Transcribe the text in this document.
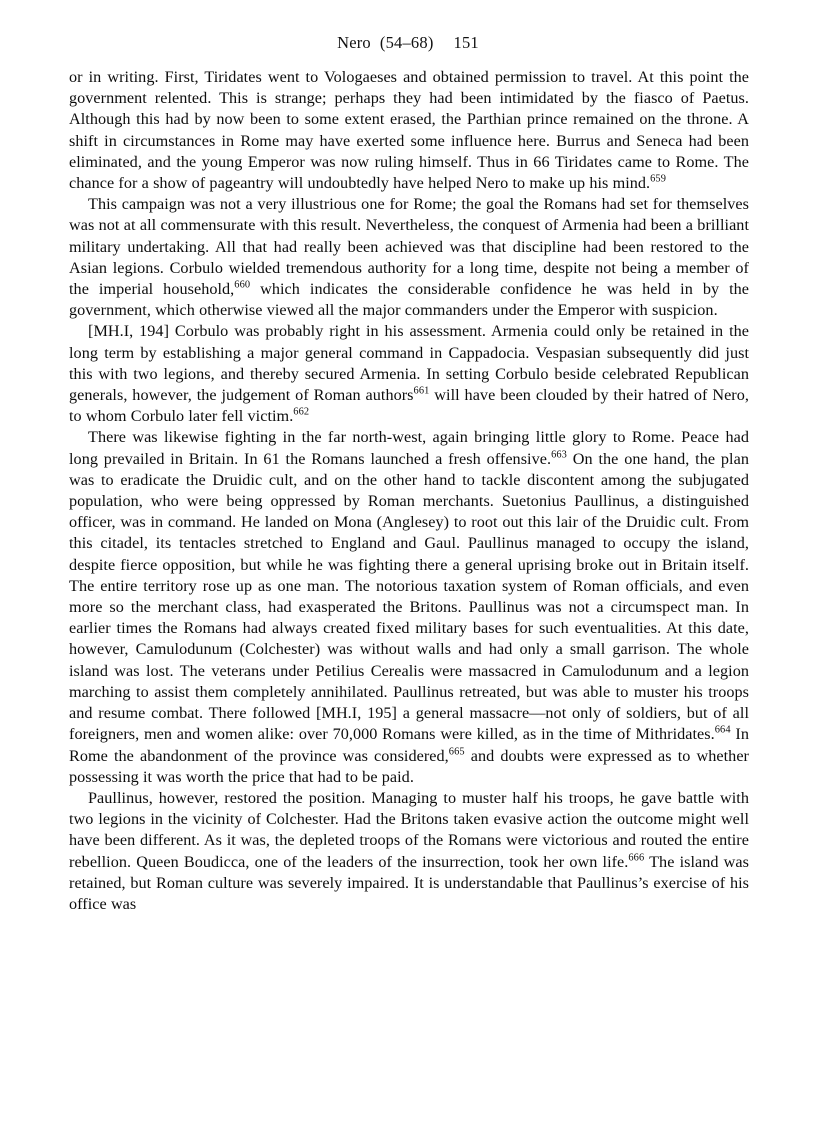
Nero (54–68) 151

or in writing. First, Tiridates went to Vologaeses and obtained permission to travel. At this point the government relented. This is strange; perhaps they had been intimidated by the fiasco of Paetus. Although this had by now been to some extent erased, the Parthian prince remained on the throne. A shift in circumstances in Rome may have exerted some influence here. Burrus and Seneca had been eliminated, and the young Emperor was now ruling himself. Thus in 66 Tiridates came to Rome. The chance for a show of pageantry will undoubtedly have helped Nero to make up his mind.$^{659}$

This campaign was not a very illustrious one for Rome; the goal the Romans had set for themselves was not at all commensurate with this result. Nevertheless, the conquest of Armenia had been a brilliant military undertaking. All that had really been achieved was that discipline had been restored to the Asian legions. Corbulo wielded tremendous authority for a long time, despite not being a member of the imperial household,$^{660}$ which indicates the considerable confidence he was held in by the government, which otherwise viewed all the major commanders under the Emperor with suspicion.

[MH.I, 194] Corbulo was probably right in his assessment. Armenia could only be retained in the long term by establishing a major general command in Cappadocia. Vespasian subsequently did just this with two legions, and thereby secured Armenia. In setting Corbulo beside celebrated Republican generals, however, the judgement of Roman authors$^{661}$ will have been clouded by their hatred of Nero, to whom Corbulo later fell victim.$^{662}$

There was likewise fighting in the far north-west, again bringing little glory to Rome. Peace had long prevailed in Britain. In 61 the Romans launched a fresh offensive.$^{663}$ On the one hand, the plan was to eradicate the Druidic cult, and on the other hand to tackle discontent among the subjugated population, who were being oppressed by Roman merchants. Suetonius Paullinus, a distinguished officer, was in command. He landed on Mona (Anglesey) to root out this lair of the Druidic cult. From this citadel, its tentacles stretched to England and Gaul. Paullinus managed to occupy the island, despite fierce opposition, but while he was fighting there a general uprising broke out in Britain itself. The entire territory rose up as one man. The notorious taxation system of Roman officials, and even more so the merchant class, had exasperated the Britons. Paullinus was not a circumspect man. In earlier times the Romans had always created fixed military bases for such eventualities. At this date, however, Camulodunum (Colchester) was without walls and had only a small garrison. The whole island was lost. The veterans under Petilius Cerealis were massacred in Camulodunum and a legion marching to assist them completely annihilated. Paullinus retreated, but was able to muster his troops and resume combat. There followed [MH.I, 195] a general massacre—not only of soldiers, but of all foreigners, men and women alike: over 70,000 Romans were killed, as in the time of Mithridates.$^{664}$ In Rome the abandonment of the province was considered,$^{665}$ and doubts were expressed as to whether possessing it was worth the price that had to be paid.

Paullinus, however, restored the position. Managing to muster half his troops, he gave battle with two legions in the vicinity of Colchester. Had the Britons taken evasive action the outcome might well have been different. As it was, the depleted troops of the Romans were victorious and routed the entire rebellion. Queen Boudicca, one of the leaders of the insurrection, took her own life.$^{666}$ The island was retained, but Roman culture was severely impaired. It is understandable that Paullinus’s exercise of his office was
